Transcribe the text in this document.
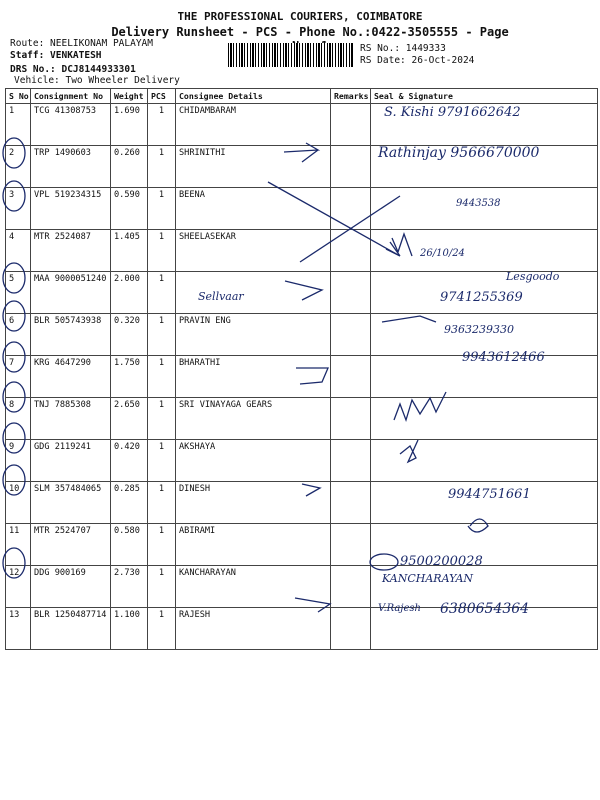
THE PROFESSIONAL COURIERS, COIMBATORE
Delivery Runsheet - PCS - Phone No.:0422-3505555 - Page
Route: NEELIKONAM PALAYAM
Staff: VENKATESH
DRS No.: DCJ8144933301
Vehicle: Two Wheeler Delivery
RS No.: 1449333
RS Date: 26-Oct-2024
S No	Consignment No	Weight	PCS	Consignee Details	Remarks	Seal & Signature
1	TCG 41308753	1.690	1	CHIDAMBARAM		
2	TRP 1490603	0.260	1	SHRINITHI		
3	VPL 519234315	0.590	1	BEENA		
4	MTR 2524087	1.405	1	SHEELASEKAR		
5	MAA 9000051240	2.000	1			
6	BLR 505743938	0.320	1	PRAVIN ENG		
7	KRG 4647290	1.750	1	BHARATHI		
8	TNJ 7885308	2.650	1	SRI VINAYAGA GEARS		
9	GDG 2119241	0.420	1	AKSHAYA		
10	SLM 357484065	0.285	1	DINESH		
11	MTR 2524707	0.580	1	ABIRAMI		
12	DDG 900169	2.730	1	KANCHARAYAN		
13	BLR 1250487714	1.100	1	RAJESH		
S. Kishi 9791662642
Rathinjay 9566670000
9443538
26/10/24
Sellvaar
Lesgoodo
9741255369
9363239330
9943612466
9944751661
9500200028
KANCHARAYAN
V.Rajesh 6380654364
